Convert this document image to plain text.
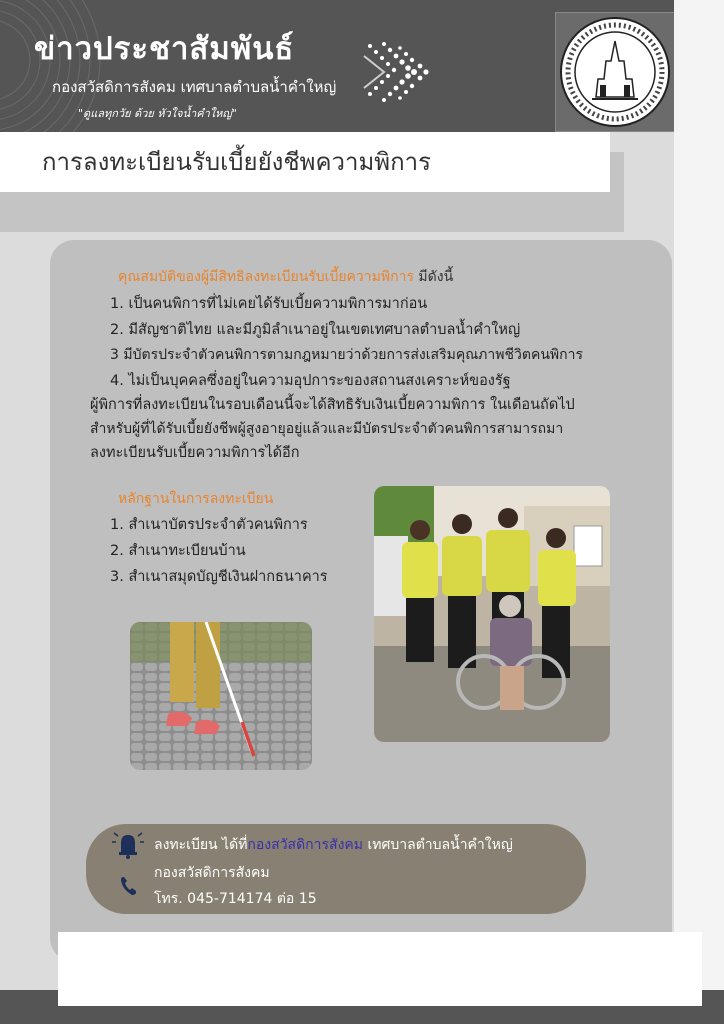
ข่าวประชาสัมพันธ์
กองสวัสดิการสังคม เทศบาลตำบลน้ำคำใหญ่
"ดูแลทุกวัย ด้วย หัวใจน้ำคำใหญ่"
การลงทะเบียนรับเบี้ยยังชีพความพิการ
คุณสมบัติของผู้มีสิทธิลงทะเบียนรับเบี้ยความพิการ มีดังนี้
1. เป็นคนพิการที่ไม่เคยได้รับเบี้ยความพิการมาก่อน
2. มีสัญชาติไทย และมีภูมิลำเนาอยู่ในเขตเทศบาลตำบลน้ำคำใหญ่
3 มีบัตรประจำตัวคนพิการตามกฎหมายว่าด้วยการส่งเสริมคุณภาพชีวิตคนพิการ
4. ไม่เป็นบุคคลซึ่งอยู่ในความอุปการะของสถานสงเคราะห์ของรัฐ
ผู้พิการที่ลงทะเบียนในรอบเดือนนี้จะได้สิทธิรับเงินเบี้ยความพิการ ในเดือนถัดไป
สำหรับผู้ที่ได้รับเบี้ยยังชีพผู้สูงอายุอยู่แล้วและมีบัตรประจำตัวคนพิการสามารถมา
ลงทะเบียนรับเบี้ยความพิการได้อีก
หลักฐานในการลงทะเบียน
1. สำเนาบัตรประจำตัวคนพิการ
2. สำเนาทะเบียนบ้าน
3. สำเนาสมุดบัญชีเงินฝากธนาคาร
ลงทะเบียน ได้ที่กองสวัสดิการสังคม เทศบาลตำบลน้ำคำใหญ่
กองสวัสดิการสังคม
โทร. 045-714174 ต่อ 15
